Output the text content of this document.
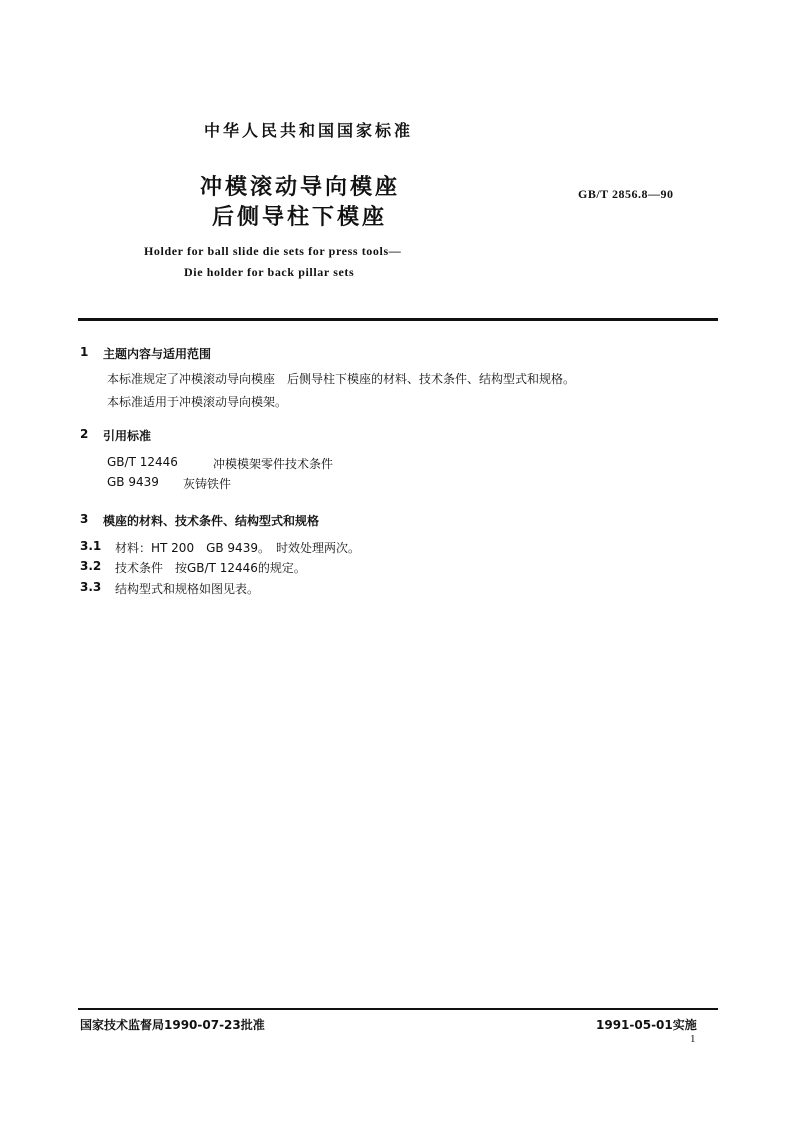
中华人民共和国国家标准
冲模滚动导向模座
后侧导柱下模座
GB/T 2856.8—90
Holder for ball slide die sets for press tools—
Die holder for back pillar sets
1 主题内容与适用范围
本标准规定了冲模滚动导向模座　后侧导柱下模座的材料、技术条件、结构型式和规格。
本标准适用于冲模滚动导向模架。
2 引用标准
GB/T 12446	冲模模架零件技术条件
GB 9439 灰铸铁件
3 模座的材料、技术条件、结构型式和规格
3.1 材料：HT 200　GB 9439。　时效处理两次。
3.2 技术条件　按GB/T 12446的规定。
3.3 结构型式和规格如图见表。
国家技术监督局1990-07-23批准	1991-05-01实施
1
